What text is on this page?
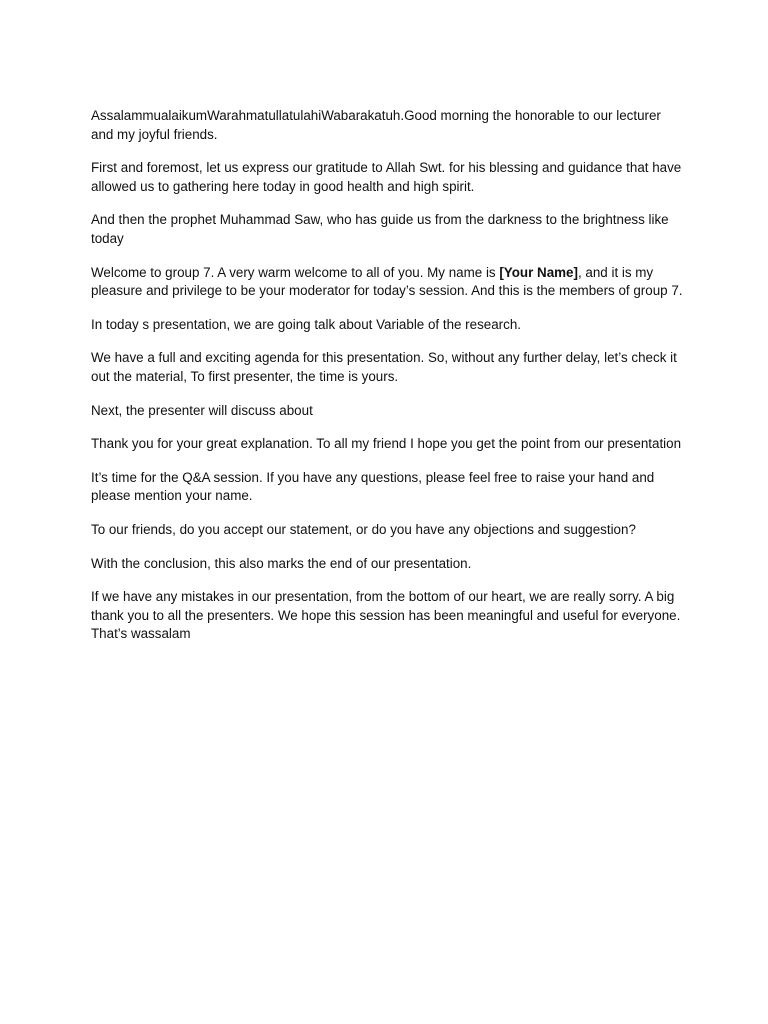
AssalammualaikumWarahmatullatulahiWabarakatuh.Good morning the honorable to our lecturer and my joyful friends.

First and foremost, let us express our gratitude to Allah Swt. for his blessing and guidance that have allowed us to gathering here today in good health and high spirit.

And then the prophet Muhammad Saw, who has guide us from the darkness to the brightness like today

Welcome to group 7. A very warm welcome to all of you. My name is [Your Name], and it is my pleasure and privilege to be your moderator for today’s session. And this is the members of group 7.

In today s presentation, we are going talk about Variable of the research.

We have a full and exciting agenda for this presentation. So, without any further delay, let’s check it out the material, To first presenter, the time is yours.

Next, the presenter will discuss about

Thank you for your great explanation. To all my friend I hope you get the point from our presentation

It’s time for the Q&A session. If you have any questions, please feel free to raise your hand and please mention your name.

To our friends, do you accept our statement, or do you have any objections and suggestion?

With the conclusion, this also marks the end of our presentation.

If we have any mistakes in our presentation, from the bottom of our heart, we are really sorry. A big thank you to all the presenters. We hope this session has been meaningful and useful for everyone. That’s wassalam
